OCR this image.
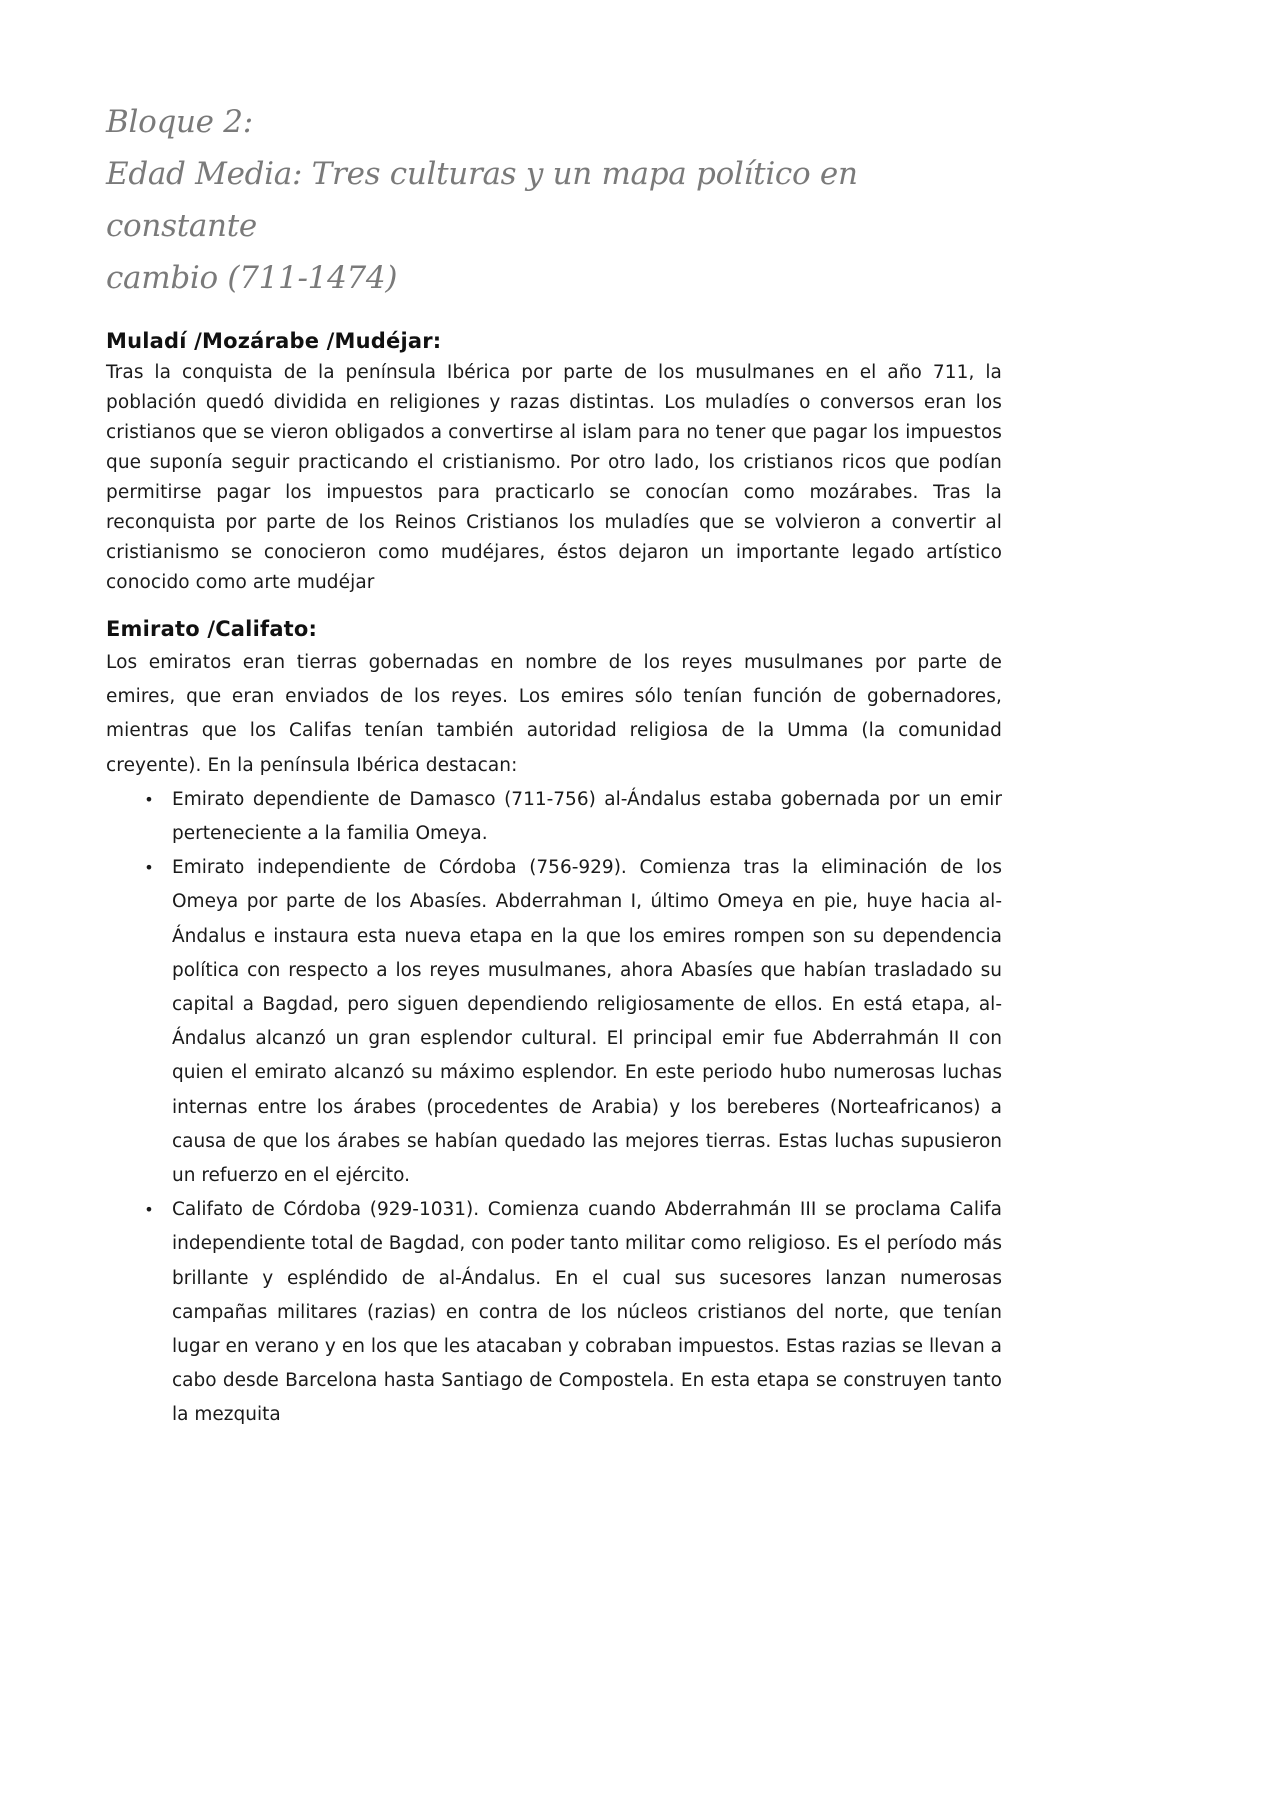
Bloque 2:
Edad Media: Tres culturas y un mapa político en constante
cambio (711-1474)
Muladí /Mozárabe /Mudéjar:

Tras la conquista de la península Ibérica por parte de los musulmanes en el año 711, la población quedó dividida en religiones y razas distintas. Los muladíes o conversos eran los cristianos que se vieron obligados a convertirse al islam para no tener que pagar los impuestos que suponía seguir practicando el cristianismo. Por otro lado, los cristianos ricos que podían permitirse pagar los impuestos para practicarlo se conocían como mozárabes. Tras la reconquista por parte de los Reinos Cristianos los muladíes que se volvieron a convertir al cristianismo se conocieron como mudéjares, éstos dejaron un importante legado artístico conocido como arte mudéjar

Emirato /Califato:

Los emiratos eran tierras gobernadas en nombre de los reyes musulmanes por parte de emires, que eran enviados de los reyes. Los emires sólo tenían función de gobernadores, mientras que los Califas tenían también autoridad religiosa de la Umma (la comunidad creyente). En la península Ibérica destacan:

• Emirato dependiente de Damasco (711-756) al-Ándalus estaba gobernada por un emir perteneciente a la familia Omeya.
• Emirato independiente de Córdoba (756-929). Comienza tras la eliminación de los Omeya por parte de los Abasíes. Abderrahman I, último Omeya en pie, huye hacia al-Ándalus e instaura esta nueva etapa en la que los emires rompen son su dependencia política con respecto a los reyes musulmanes, ahora Abasíes que habían trasladado su capital a Bagdad, pero siguen dependiendo religiosamente de ellos. En está etapa, al-Ándalus alcanzó un gran esplendor cultural. El principal emir fue Abderrahmán II con quien el emirato alcanzó su máximo esplendor. En este periodo hubo numerosas luchas internas entre los árabes (procedentes de Arabia) y los bereberes (Norteafricanos) a causa de que los árabes se habían quedado las mejores tierras. Estas luchas supusieron un refuerzo en el ejército.
• Califato de Córdoba (929-1031). Comienza cuando Abderrahmán III se proclama Califa independiente total de Bagdad, con poder tanto militar como religioso. Es el período más brillante y espléndido de al-Ándalus. En el cual sus sucesores lanzan numerosas campañas militares (razias) en contra de los núcleos cristianos del norte, que tenían lugar en verano y en los que les atacaban y cobraban impuestos. Estas razias se llevan a cabo desde Barcelona hasta Santiago de Compostela. En esta etapa se construyen tanto la mezquita
